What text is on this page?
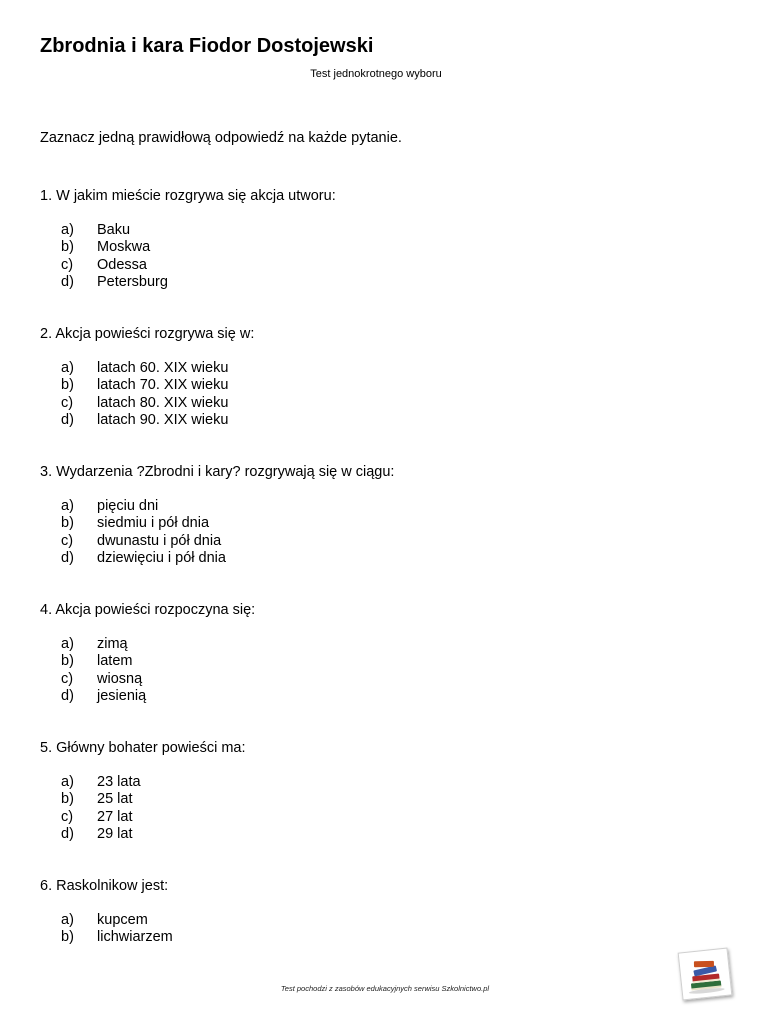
Zbrodnia i kara Fiodor Dostojewski
Test jednokrotnego wyboru
Zaznacz jedną prawidłową odpowiedź na każde pytanie.
1. W jakim mieście rozgrywa się akcja utworu:
a) Baku
b) Moskwa
c) Odessa
d) Petersburg
2. Akcja powieści rozgrywa się w:
a) latach 60. XIX wieku
b) latach 70. XIX wieku
c) latach 80. XIX wieku
d) latach 90. XIX wieku
3. Wydarzenia ?Zbrodni i kary? rozgrywają się w ciągu:
a) pięciu dni
b) siedmiu i pół dnia
c) dwunastu i pół dnia
d) dziewięciu i pół dnia
4. Akcja powieści rozpoczyna się:
a) zimą
b) latem
c) wiosną
d) jesienią
5. Główny bohater powieści ma:
a) 23 lata
b) 25 lat
c) 27 lat
d) 29 lat
6. Raskolnikow jest:
a) kupcem
b) lichwiarzem
Test pochodzi z zasobów edukacyjnych serwisu Szkolnictwo.pl
